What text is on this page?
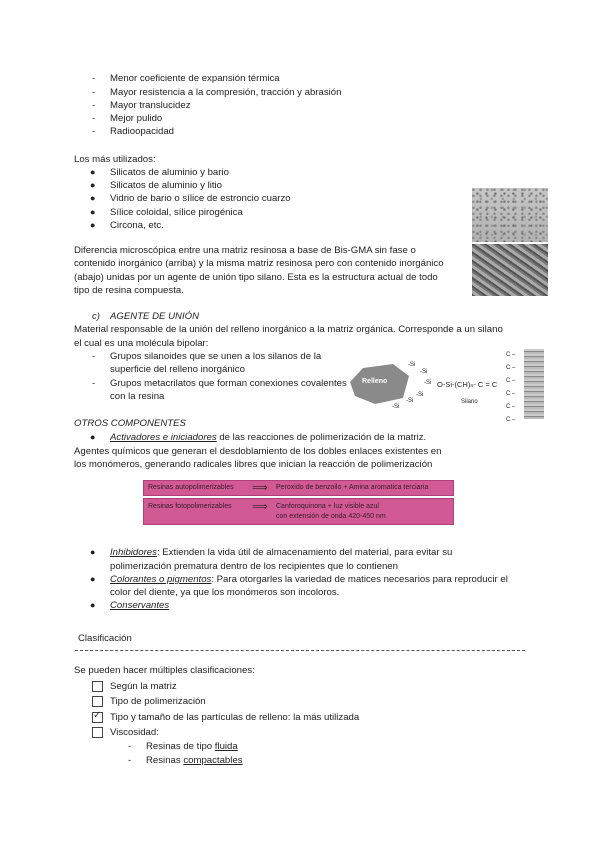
- Menor coeficiente de expansión térmica
- Mayor resistencia a la compresión, tracción y abrasión
- Mayor translucidez
- Mejor pulido
- Radioopacidad
Los más utilizados:
● Silicatos de aluminio y bario
● Silicatos de aluminio y litio
● Vidrio de bario o sílice de estroncio cuarzo
● Sílice coloidal, sílice pirogénica
● Circona, etc.
Diferencia microscópica entre una matriz resinosa a base de Bis-GMA sin fase o
contenido inorgánico (arriba) y la misma matriz resinosa pero con contenido inorgánico
(abajo) unidas por un agente de unión tipo silano. Esta es la estructura actual de todo
tipo de resina compuesta.
c) AGENTE DE UNIÓN
Material responsable de la unión del relleno inorgánico a la matriz orgánica. Corresponde a un silano
el cual es una molécula bipolar:
- Grupos silanoides que se unen a los silanos de la
superficie del relleno inorgánico
- Grupos metacrilatos que forman conexiones covalentes
con la resina
Relleno
-Si
-Si
-Si
-Si
-Si
-Si
O-Si-(CH)ₙ- C = C
Silano
C –
C –
C –
C –
C –
C –
OTROS COMPONENTES
● Activadores e iniciadores de las reacciones de polimerización de la matriz.
Agentes químicos que generan el desdoblamiento de los dobles enlaces existentes en
los monómeros, generando radicales libres que inician la reacción de polimerización
Resinas autopolimerizables ⟹ Peroxido de benzoilo + Amina aromatica terciaria
Resinas fotopolimerizables ⟹ Canforoquinona + luz visible azul
con extensión de onda 420-450 nm
● Inhibidores: Extienden la vida útil de almacenamiento del material, para evitar su
polimerización prematura dentro de los recipientes que lo contienen
● Colorantes o pigmentos: Para otorgarles la variedad de matices necesarios para reproducir el
color del diente, ya que los monómeros son incoloros.
● Conservantes
Clasificación
Se pueden hacer múltiples clasificaciones:
Según la matriz
Tipo de polimerización
✓
Tipo y tamaño de las partículas de relleno: la más utilizada
Viscosidad:
- Resinas de tipo fluida
- Resinas compactables
